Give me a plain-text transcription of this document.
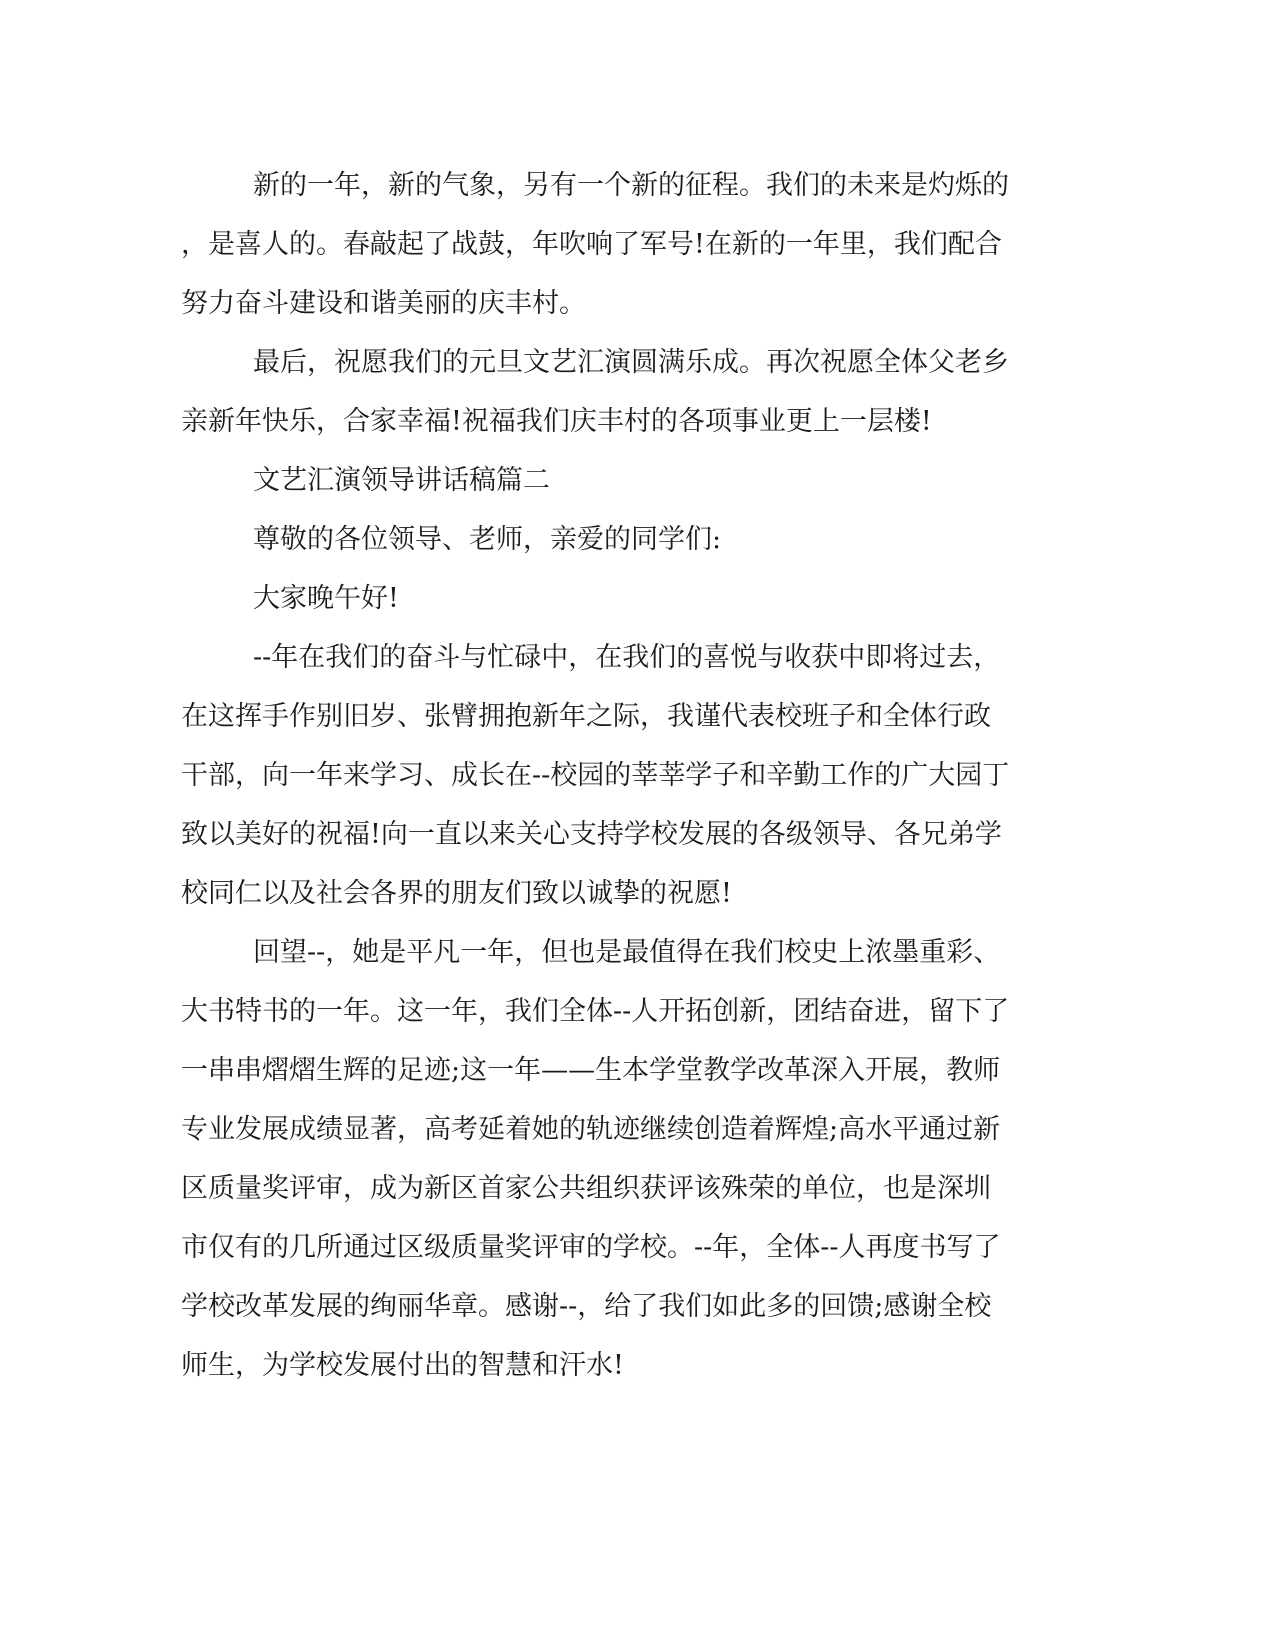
新的一年，新的气象，另有一个新的征程。我们的未来是灼烁的
，是喜人的。春敲起了战鼓，年吹响了军号!在新的一年里，我们配合
努力奋斗建设和谐美丽的庆丰村。
最后，祝愿我们的元旦文艺汇演圆满乐成。再次祝愿全体父老乡
亲新年快乐，合家幸福!祝福我们庆丰村的各项事业更上一层楼!
文艺汇演领导讲话稿篇二
尊敬的各位领导、老师，亲爱的同学们:
大家晚午好!
--年在我们的奋斗与忙碌中，在我们的喜悦与收获中即将过去，
在这挥手作别旧岁、张臂拥抱新年之际，我谨代表校班子和全体行政
干部，向一年来学习、成长在--校园的莘莘学子和辛勤工作的广大园丁
致以美好的祝福!向一直以来关心支持学校发展的各级领导、各兄弟学
校同仁以及社会各界的朋友们致以诚挚的祝愿!
回望--，她是平凡一年，但也是最值得在我们校史上浓墨重彩、
大书特书的一年。这一年，我们全体--人开拓创新，团结奋进，留下了
一串串熠熠生辉的足迹;这一年——生本学堂教学改革深入开展，教师
专业发展成绩显著，高考延着她的轨迹继续创造着辉煌;高水平通过新
区质量奖评审，成为新区首家公共组织获评该殊荣的单位，也是深圳
市仅有的几所通过区级质量奖评审的学校。--年，全体--人再度书写了
学校改革发展的绚丽华章。感谢--，给了我们如此多的回馈;感谢全校
师生，为学校发展付出的智慧和汗水!
